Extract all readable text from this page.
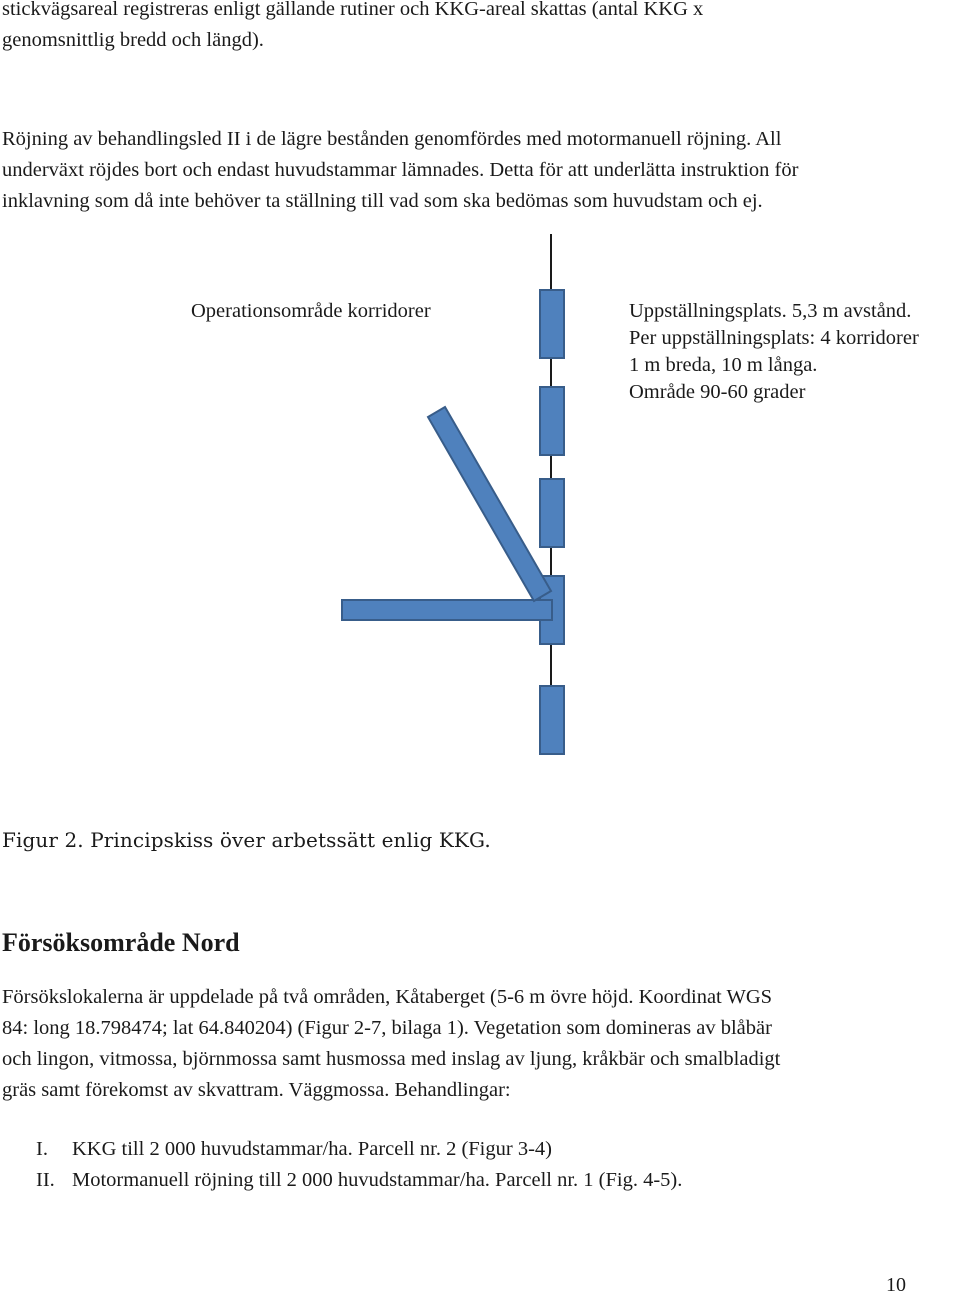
stickvägsareal registreras enligt gällande rutiner och KKG-areal skattas (antal KKG x
genomsnittlig bredd och längd).

Röjning av behandlingsled II i de lägre bestånden genomfördes med motormanuell röjning. All
underväxt röjdes bort och endast huvudstammar lämnades. Detta för att underlätta instruktion för
inklavning som då inte behöver ta ställning till vad som ska bedömas som huvudstam och ej.

Operationsområde korridorer	Uppställningsplats. 5,3 m avstånd.
Per uppställningsplats: 4 korridorer
1 m breda, 10 m långa.
Område 90-60 grader
Figur 2. Principskiss över arbetssätt enlig KKG.
Försöksområde Nord

Försökslokalerna är uppdelade på två områden, Kåtaberget (5-6 m övre höjd. Koordinat WGS
84: long 18.798474; lat 64.840204) (Figur 2-7, bilaga 1). Vegetation som domineras av blåbär
och lingon, vitmossa, björnmossa samt husmossa med inslag av ljung, kråkbär och smalbladigt
gräs samt förekomst av skvattram. Väggmossa. Behandlingar:

I. KKG till 2 000 huvudstammar/ha. Parcell nr. 2 (Figur 3-4)
II. Motormanuell röjning till 2 000 huvudstammar/ha. Parcell nr. 1 (Fig. 4-5).
10
